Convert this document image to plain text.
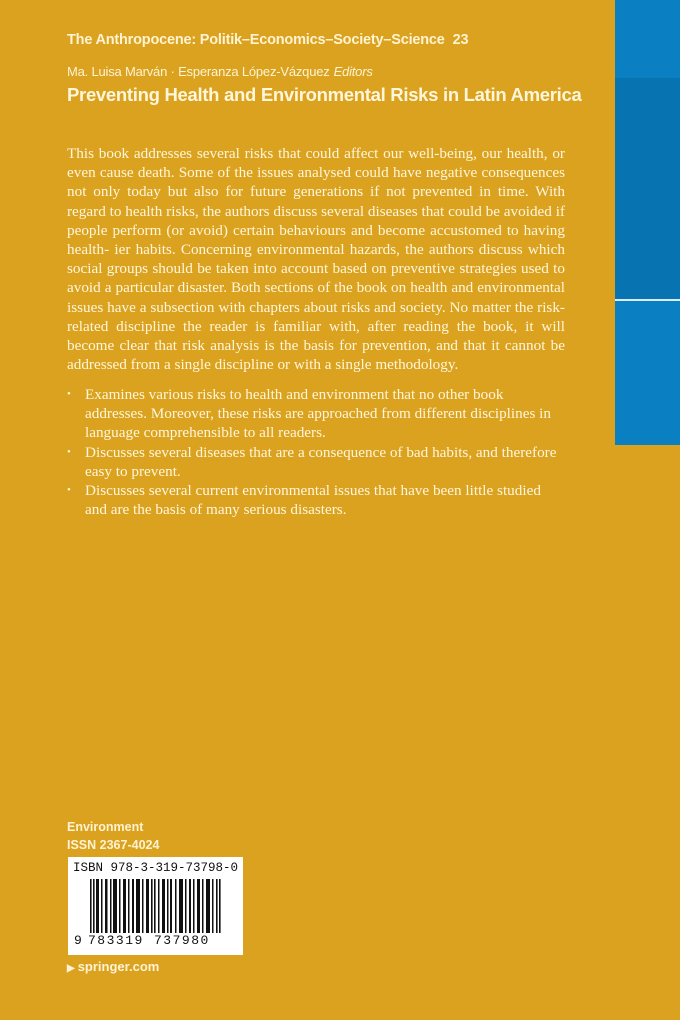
The Anthropocene: Politik–Economics–Society–Science 23
Ma. Luisa Marván · Esperanza López-Vázquez Editors
Preventing Health and Environmental Risks in Latin America

This book addresses several risks that could affect our well-being, our health, or even cause death. Some of the issues analysed could have negative consequences not only today but also for future generations if not prevented in time. With regard to health risks, the authors discuss several diseases that could be avoided if people perform (or avoid) certain behaviours and become accustomed to having health- ier habits. Concerning environmental hazards, the authors discuss which social groups should be taken into account based on preventive strategies used to avoid a particular disaster. Both sections of the book on health and environmental issues have a subsection with chapters about risks and society. No matter the risk-related discipline the reader is familiar with, after reading the book, it will become clear that risk analysis is the basis for prevention, and that it cannot be addressed from a single discipline or with a single methodology.

• Examines various risks to health and environment that no other book addresses. Moreover, these risks are approached from different disciplines in language comprehensible to all readers.
• Discusses several diseases that are a consequence of bad habits, and therefore easy to prevent.
• Discusses several current environmental issues that have been little studied and are the basis of many serious disasters.
Environment
ISSN 2367-4024
ISBN 978-3-319-73798-0
9 783319 737980
▶ springer.com
